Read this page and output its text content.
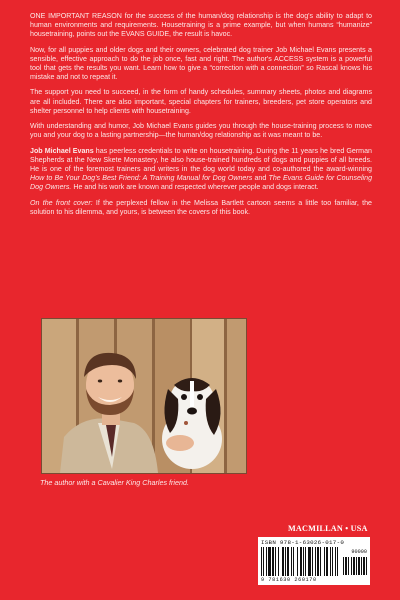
ONE IMPORTANT REASON for the success of the human/dog relationship is the dog's ability to adapt to human environments and requirements. Housetraining is a prime example, but when humans “humanize” housetraining, points out the EVANS GUIDE, the result is havoc.

Now, for all puppies and older dogs and their owners, celebrated dog trainer Job Michael Evans presents a sensible, effective approach to do the job once, fast and right. The author's ACCESS system is a powerful tool that gets the results you want. Learn how to give a “correction with a connection” so Rascal knows his mistake and not to repeat it.

The support you need to succeed, in the form of handy schedules, summary sheets, photos and diagrams are all included. There are also important, special chapters for trainers, breeders, pet store operators and shelter personnel to help clients with housetraining.

With understanding and humor, Job Michael Evans guides you through the house-training process to move you and your dog to a lasting partnership—the human/dog relationship as it was meant to be.

Job Michael Evans has peerless credentials to write on housetraining. During the 11 years he bred German Shepherds at the New Skete Monastery, he also house-trained hundreds of dogs and puppies of all breeds. He is one of the foremost trainers and writers in the dog world today and co-authored the award-winning How to Be Your Dog's Best Friend: A Training Manual for Dog Owners and The Evans Guide for Counseling Dog Owners. He and his work are known and respected wherever people and dogs interact.

On the front cover: If the perplexed fellow in the Melissa Bartlett cartoon seems a little too familiar, the solution to his dilemma, and yours, is between the covers of this book.

The author with a Cavalier King Charles friend.
MACMILLAN • USA
ISBN 978-1-63026-017-0
90000
9 781630 260170
